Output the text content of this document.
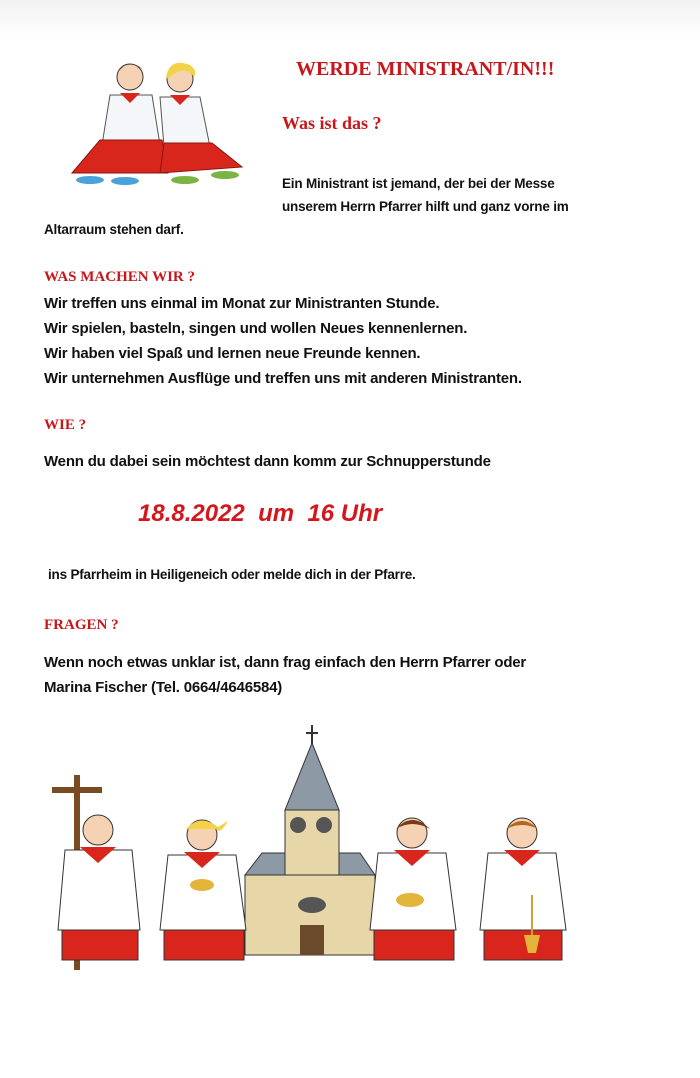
WERDE MINISTRANT/IN!!!
Was ist das ?
Ein Ministrant ist jemand, der bei der Messe
unserem Herrn Pfarrer hilft und ganz vorne im
Altarraum stehen darf.
WAS MACHEN WIR ?
Wir treffen uns einmal im Monat zur Ministranten Stunde.
Wir spielen, basteln, singen und wollen Neues kennenlernen.
Wir haben viel Spaß und lernen neue Freunde kennen.
Wir unternehmen Ausflüge und treffen uns mit anderen Ministranten.
WIE ?
Wenn du dabei sein möchtest dann komm zur Schnupperstunde
18.8.2022  um  16 Uhr
ins Pfarrheim in Heiligeneich oder melde dich in der Pfarre.
FRAGEN ?
Wenn noch etwas unklar ist, dann frag einfach den Herrn Pfarrer oder
Marina Fischer (Tel. 0664/4646584)
